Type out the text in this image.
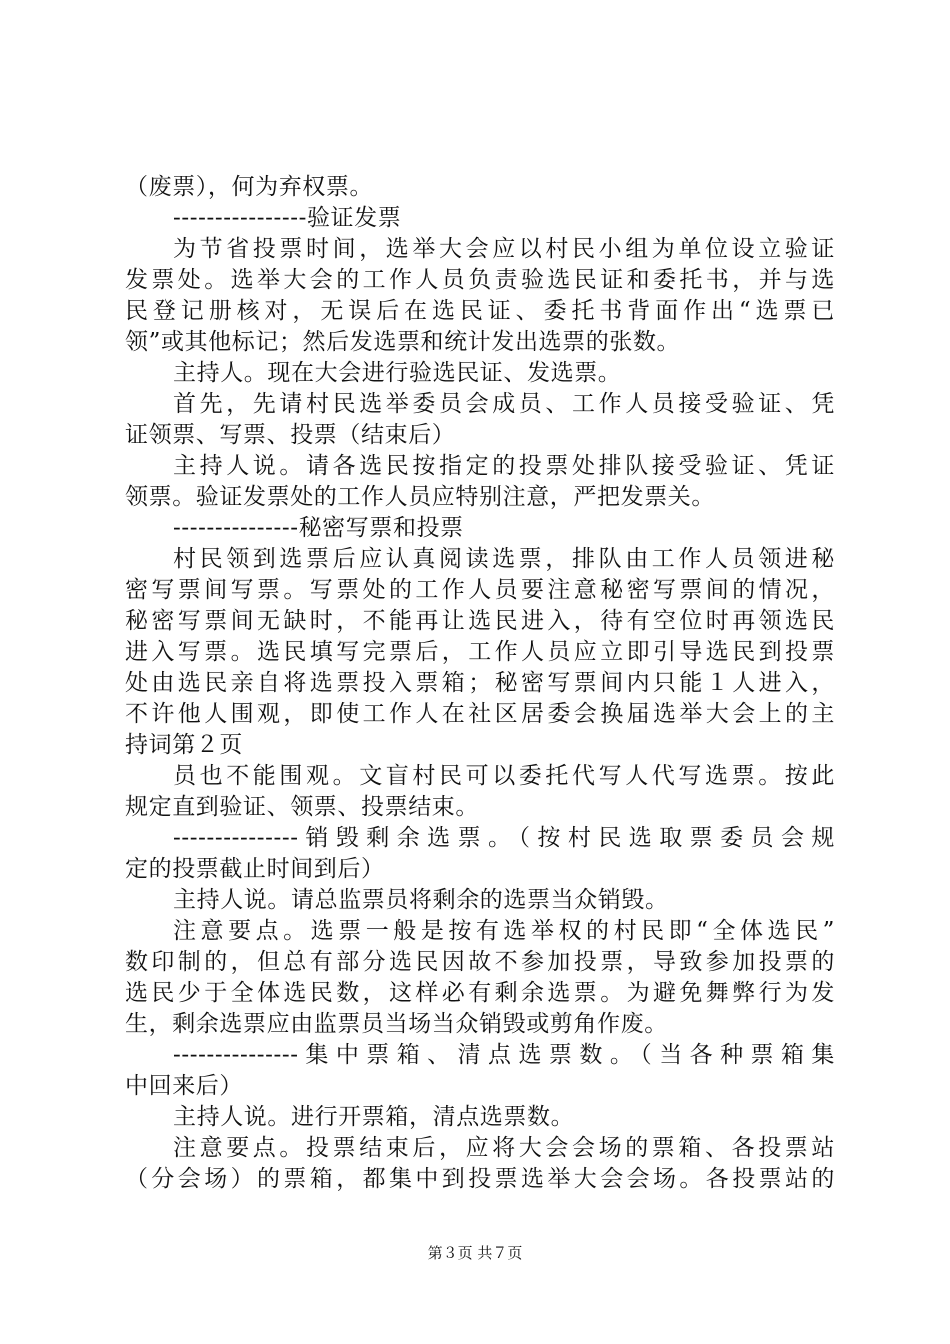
（废票），何为弃权票。
----------------验证发票
为节省投票时间，选举大会应以村民小组为单位设立验证
发票处。选举大会的工作人员负责验选民证和委托书，并与选
民登记册核对，无误后在选民证、委托书背面作出“选票已
领”或其他标记；然后发选票和统计发出选票的张数。
主持人。现在大会进行验选民证、发选票。
首先，先请村民选举委员会成员、工作人员接受验证、凭
证领票、写票、投票（结束后）
主持人说。请各选民按指定的投票处排队接受验证、凭证
领票。验证发票处的工作人员应特别注意，严把发票关。
---------------秘密写票和投票
村民领到选票后应认真阅读选票，排队由工作人员领进秘
密写票间写票。写票处的工作人员要注意秘密写票间的情况，
秘密写票间无缺时，不能再让选民进入，待有空位时再领选民
进入写票。选民填写完票后，工作人员应立即引导选民到投票
处由选民亲自将选票投入票箱；秘密写票间内只能１人进入，
不许他人围观，即使工作人在社区居委会换届选举大会上的主
持词第２页
员也不能围观。文盲村民可以委托代写人代写选票。按此
规定直到验证、领票、投票结束。
---------------销毁剩余选票。（按村民选取票委员会规
定的投票截止时间到后）
主持人说。请总监票员将剩余的选票当众销毁。
注意要点。选票一般是按有选举权的村民即“全体选民”
数印制的，但总有部分选民因故不参加投票，导致参加投票的
选民少于全体选民数，这样必有剩余选票。为避免舞弊行为发
生，剩余选票应由监票员当场当众销毁或剪角作废。
---------------集中票箱、清点选票数。（当各种票箱集
中回来后）
主持人说。进行开票箱，清点选票数。
注意要点。投票结束后，应将大会会场的票箱、各投票站
（分会场）的票箱，都集中到投票选举大会会场。各投票站的
第３页 共７页
